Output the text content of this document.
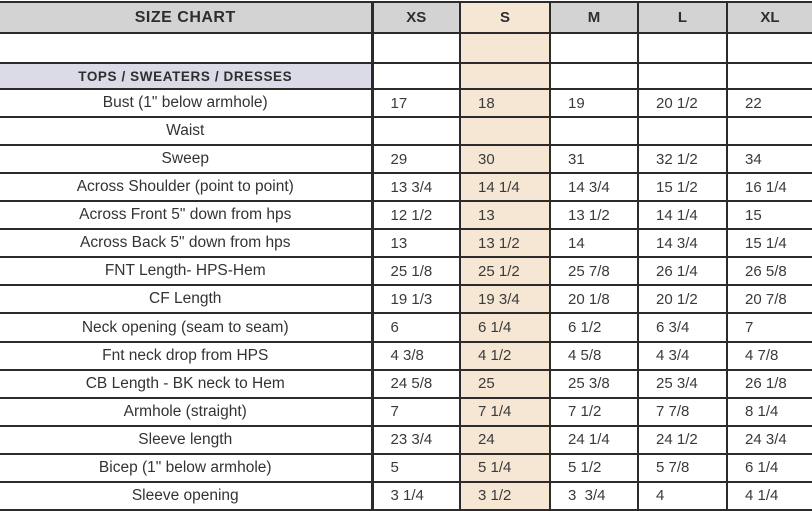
SIZE CHART	XS	S	M	L	XL

TOPS / SWEATERS / DRESSES					
Bust (1" below armhole)	17	18	19	20 1/2	22
Waist					
Sweep	29	30	31	32 1/2	34
Across Shoulder (point to point)	13 3/4	14 1/4	14 3/4	15 1/2	16 1/4
Across Front 5" down from hps	12 1/2	13	13 1/2	14 1/4	15
Across Back 5" down from hps	13	13 1/2	14	14 3/4	15 1/4
FNT Length- HPS-Hem	25 1/8	25 1/2	25 7/8	26 1/4	26 5/8
CF Length	19 1/3	19 3/4	20 1/8	20 1/2	20 7/8
Neck opening (seam to seam)	6	6 1/4	6 1/2	6 3/4	7
Fnt neck drop from HPS	4 3/8	4 1/2	4 5/8	4 3/4	4 7/8
CB Length - BK neck to Hem	24 5/8	25	25 3/8	25 3/4	26 1/8
Armhole (straight)	7	7 1/4	7 1/2	7 7/8	8 1/4
Sleeve length	23 3/4	24	24 1/4	24 1/2	24 3/4
Bicep (1" below armhole)	5	5 1/4	5 1/2	5 7/8	6 1/4
Sleeve opening	3 1/4	3 1/2	3  3/4	4	4 1/4
